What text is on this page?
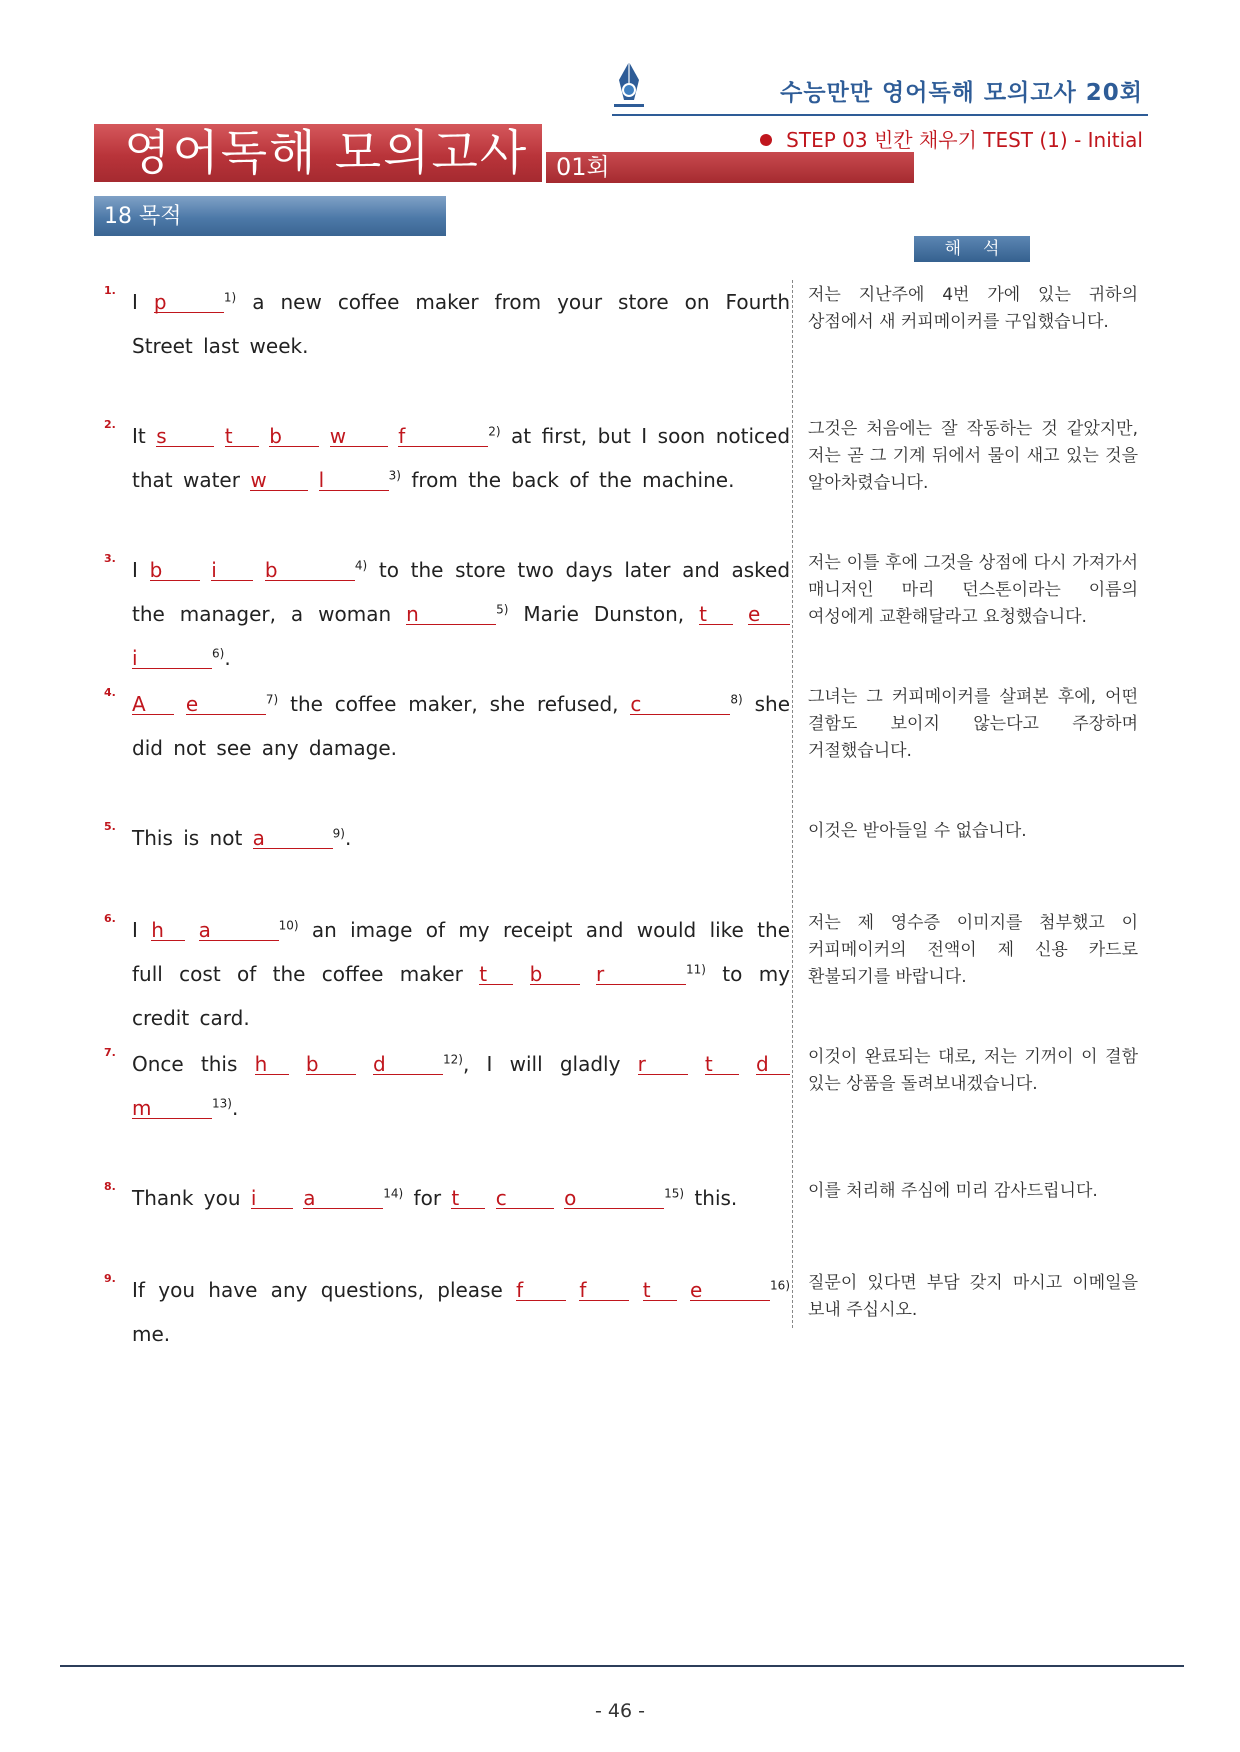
수능만만 영어독해 모의고사 20회
STEP 03 빈칸 채우기 TEST (1) - Initial
영어독해 모의고사 01회
18 목적
해석
1. I p	$^{1)}$ a new coffee maker from your store on Fourth Street last week.
저는 지난주에 4번 가에 있는 귀하의 상점에서 새 커피메이커를 구입했습니다.
2. It s	t b w	f	$^{2)}$ at first, but I soon noticed that water w	l	$^{3)}$ from the back of the machine.
그것은 처음에는 잘 작동하는 것 같았지만, 저는 곧 그 기계 뒤에서 물이 새고 있는 것을 알아차렸습니다.
3. I b i b	$^{4)}$ to the store two days later and asked the manager, a woman n	$^{5)}$ Marie Dunston, t e i	$^{6)}$.
저는 이틀 후에 그것을 상점에 다시 가져가서 매니저인 마리 던스톤이라는 이름의 여성에게 교환해달라고 요청했습니다.
4. A e	$^{7)}$ the coffee maker, she refused, c	$^{8)}$ she did not see any damage.
그녀는 그 커피메이커를 살펴본 후에, 어떤 결함도 보이지 않는다고 주장하며 거절했습니다.
5. This is not a	$^{9)}$.	이것은 받아들일 수 없습니다.
6. I h a	$^{10)}$ an image of my receipt and would like the full cost of the coffee maker t b	r	$^{11)}$ to my credit card.
저는 제 영수증 이미지를 첨부했고 이 커피메이커의 전액이 제 신용 카드로 환불되기를 바랍니다.
7. Once this h b	d	$^{12)}$, I will gladly r	t d m	$^{13)}$.
이것이 완료되는 대로, 저는 기꺼이 이 결함 있는 상품을 돌려보내겠습니다.
8. Thank you i a	$^{14)}$ for t c	o	$^{15)}$ this.	이를 처리해 주심에 미리 감사드립니다.
9. If you have any questions, please f	f	t e	$^{16)}$ me.
질문이 있다면 부담 갖지 마시고 이메일을 보내 주십시오.
- 46 -
